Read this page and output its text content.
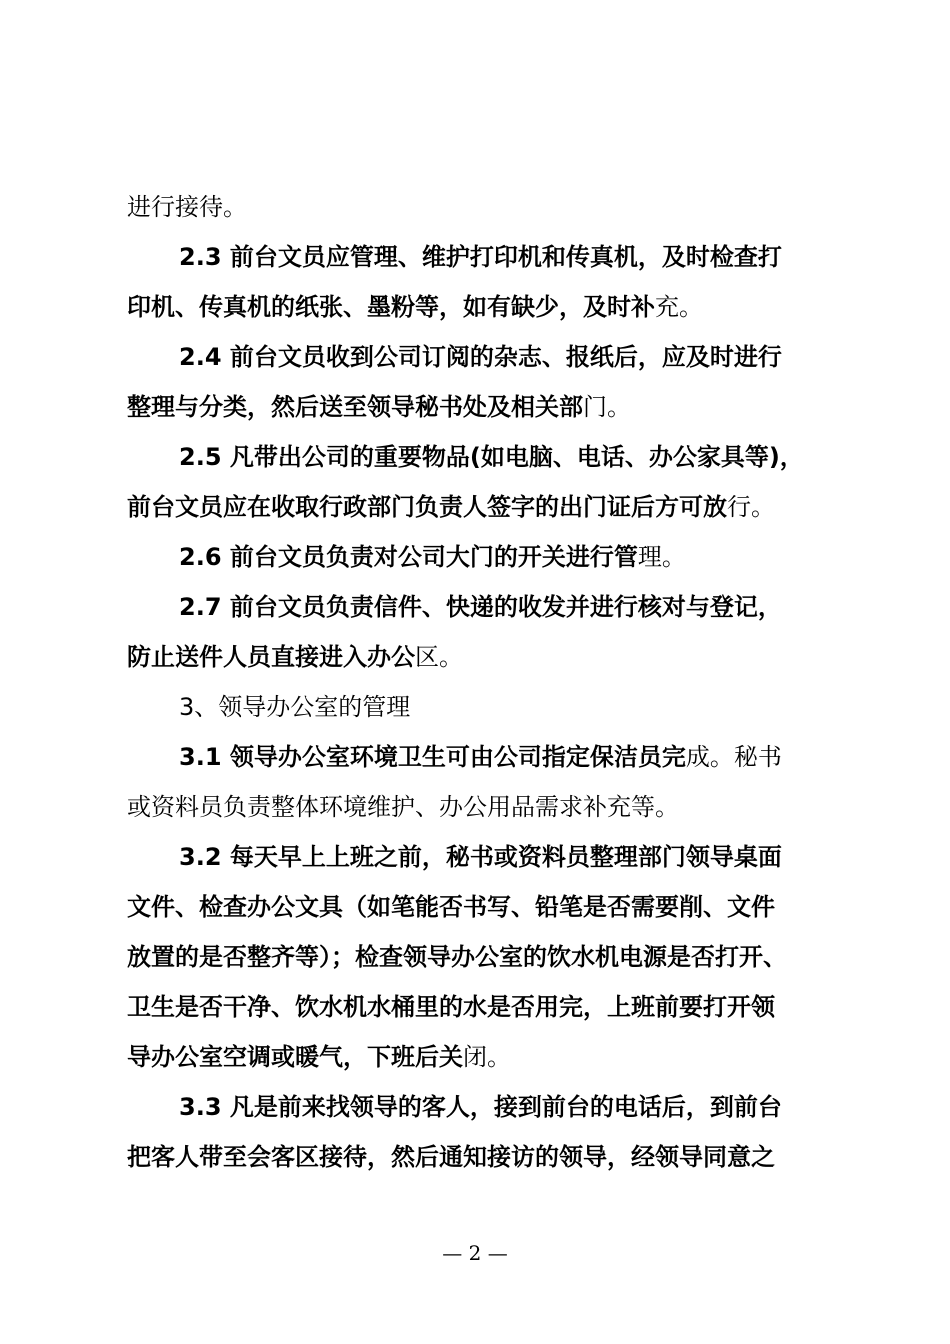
进行接待。
2.3 前台文员应管理、维护打印机和传真机，及时检查打
印机、传真机的纸张、墨粉等，如有缺少，及时补充。
2.4 前台文员收到公司订阅的杂志、报纸后，应及时进行
整理与分类，然后送至领导秘书处及相关部门。
2.5 凡带出公司的重要物品(如电脑、电话、办公家具等)，
前台文员应在收取行政部门负责人签字的出门证后方可放行。
2.6 前台文员负责对公司大门的开关进行管理。
2.7 前台文员负责信件、快递的收发并进行核对与登记，
防止送件人员直接进入办公区。
3、领导办公室的管理
3.1 领导办公室环境卫生可由公司指定保洁员完成。秘书
或资料员负责整体环境维护、办公用品需求补充等。
3.2 每天早上上班之前，秘书或资料员整理部门领导桌面
文件、检查办公文具（如笔能否书写、铅笔是否需要削、文件
放置的是否整齐等）；检查领导办公室的饮水机电源是否打开、
卫生是否干净、饮水机水桶里的水是否用完，上班前要打开领
导办公室空调或暖气，下班后关闭。
3.3 凡是前来找领导的客人，接到前台的电话后，到前台
把客人带至会客区接待，然后通知接访的领导，经领导同意之
— 2 —
